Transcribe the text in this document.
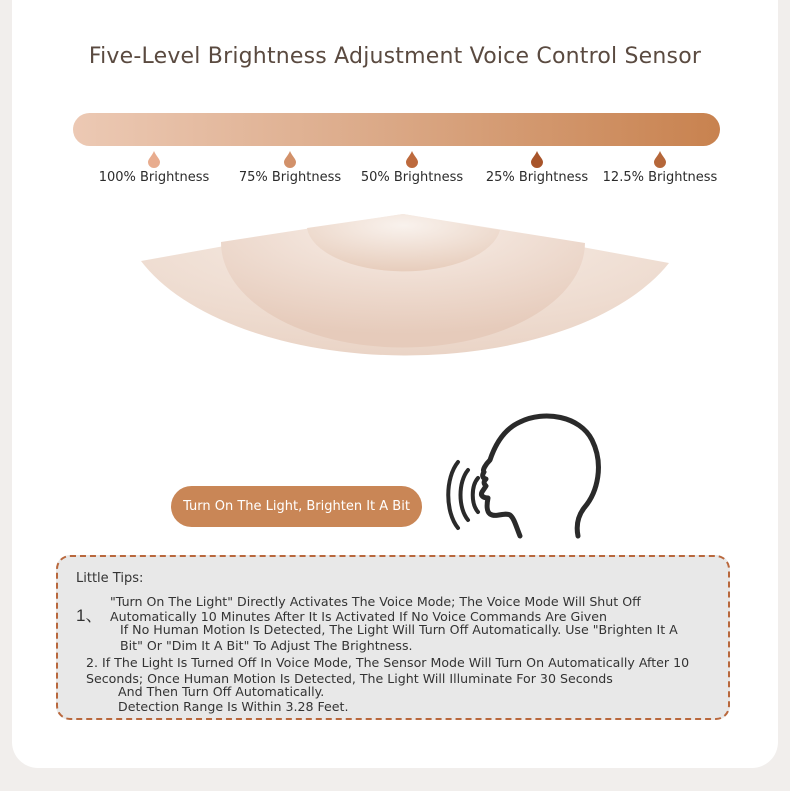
Five-Level Brightness Adjustment Voice Control Sensor
100% Brightness	75% Brightness	50% Brightness	25% Brightness	12.5% Brightness
Turn On The Light, Brighten It A Bit
Little Tips:
1、
"Turn On The Light" Directly Activates The Voice Mode; The Voice Mode Will Shut Off
Automatically 10 Minutes After It Is Activated If No Voice Commands Are Given
If No Human Motion Is Detected, The Light Will Turn Off Automatically. Use "Brighten It A
Bit" Or "Dim It A Bit" To Adjust The Brightness.
2. If The Light Is Turned Off In Voice Mode, The Sensor Mode Will Turn On Automatically After 10
Seconds; Once Human Motion Is Detected, The Light Will Illuminate For 30 Seconds
And Then Turn Off Automatically.
Detection Range Is Within 3.28 Feet.
